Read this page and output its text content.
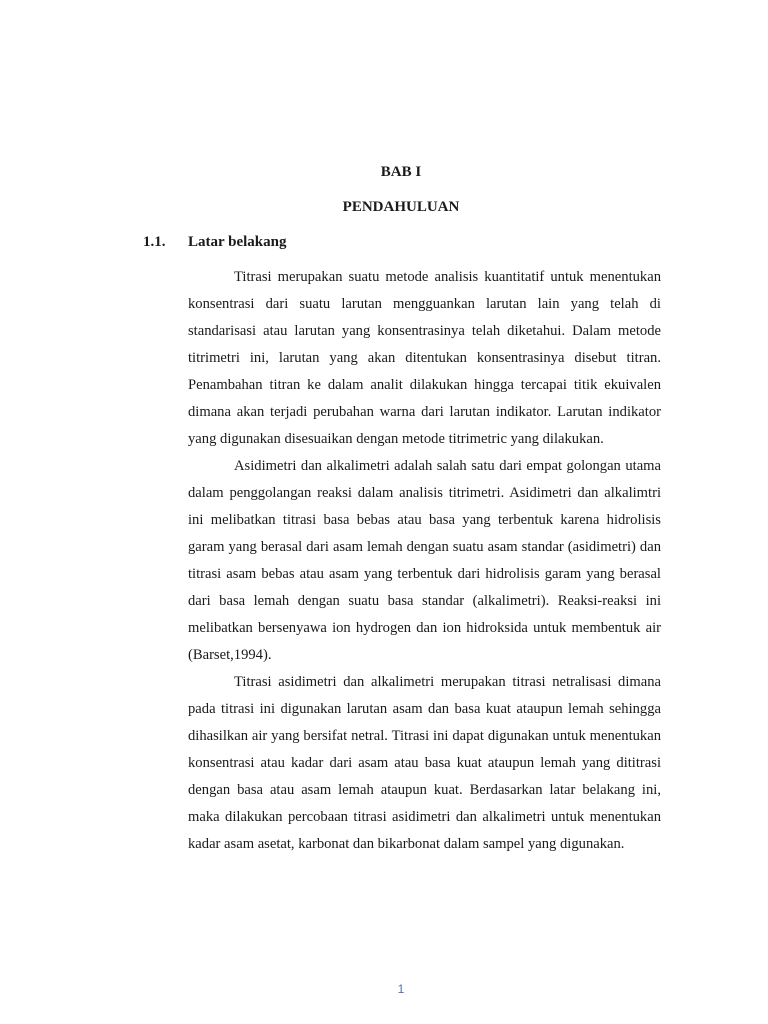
BAB I
PENDAHULUAN
1.1. Latar belakang

Titrasi merupakan suatu metode analisis kuantitatif untuk menentukan konsentrasi dari suatu larutan mengguankan larutan lain yang telah di standarisasi atau larutan yang konsentrasinya telah diketahui. Dalam metode titrimetri ini, larutan yang akan ditentukan konsentrasinya disebut titran. Penambahan titran ke dalam analit dilakukan hingga tercapai titik ekuivalen dimana akan terjadi perubahan warna dari larutan indikator. Larutan indikator yang digunakan disesuaikan dengan metode titrimetric yang dilakukan.

Asidimetri dan alkalimetri adalah salah satu dari empat golongan utama dalam penggolangan reaksi dalam analisis titrimetri. Asidimetri dan alkalimtri ini melibatkan titrasi basa bebas atau basa yang terbentuk karena hidrolisis garam yang berasal dari asam lemah dengan suatu asam standar (asidimetri) dan titrasi asam bebas atau asam yang terbentuk dari hidrolisis garam yang berasal dari basa lemah dengan suatu basa standar (alkalimetri). Reaksi-reaksi ini melibatkan bersenyawa ion hydrogen dan ion hidroksida untuk membentuk air (Barset,1994).

Titrasi asidimetri dan alkalimetri merupakan titrasi netralisasi dimana pada titrasi ini digunakan larutan asam dan basa kuat ataupun lemah sehingga dihasilkan air yang bersifat netral. Titrasi ini dapat digunakan untuk menentukan konsentrasi atau kadar dari asam atau basa kuat ataupun lemah yang dititrasi dengan basa atau asam lemah ataupun kuat. Berdasarkan latar belakang ini, maka dilakukan percobaan titrasi asidimetri dan alkalimetri untuk menentukan kadar asam asetat, karbonat dan bikarbonat dalam sampel yang digunakan.

1
